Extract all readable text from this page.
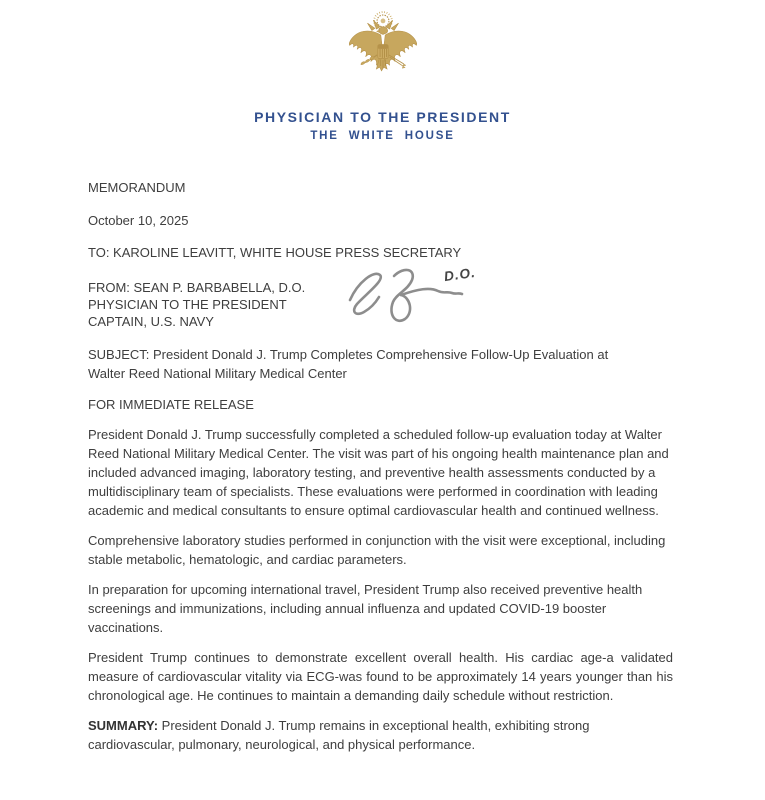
PHYSICIAN TO THE PRESIDENT
THE WHITE HOUSE

MEMORANDUM

October 10, 2025

TO: KAROLINE LEAVITT, WHITE HOUSE PRESS SECRETARY

FROM: SEAN P. BARBABELLA, D.O.

PHYSICIAN TO THE PRESIDENT

CAPTAIN, U.S. NAVY

D.O.

SUBJECT: President Donald J. Trump Completes Comprehensive Follow-Up Evaluation at Walter Reed National Military Medical Center

FOR IMMEDIATE RELEASE

President Donald J. Trump successfully completed a scheduled follow-up evaluation today at Walter Reed National Military Medical Center. The visit was part of his ongoing health maintenance plan and included advanced imaging, laboratory testing, and preventive health assessments conducted by a multidisciplinary team of specialists. These evaluations were performed in coordination with leading academic and medical consultants to ensure optimal cardiovascular health and continued wellness.

Comprehensive laboratory studies performed in conjunction with the visit were exceptional, including stable metabolic, hematologic, and cardiac parameters.

In preparation for upcoming international travel, President Trump also received preventive health screenings and immunizations, including annual influenza and updated COVID-19 booster vaccinations.

President Trump continues to demonstrate excellent overall health. His cardiac age-a validated measure of cardiovascular vitality via ECG-was found to be approximately 14 years younger than his chronological age. He continues to maintain a demanding daily schedule without restriction.

SUMMARY: President Donald J. Trump remains in exceptional health, exhibiting strong cardiovascular, pulmonary, neurological, and physical performance.
